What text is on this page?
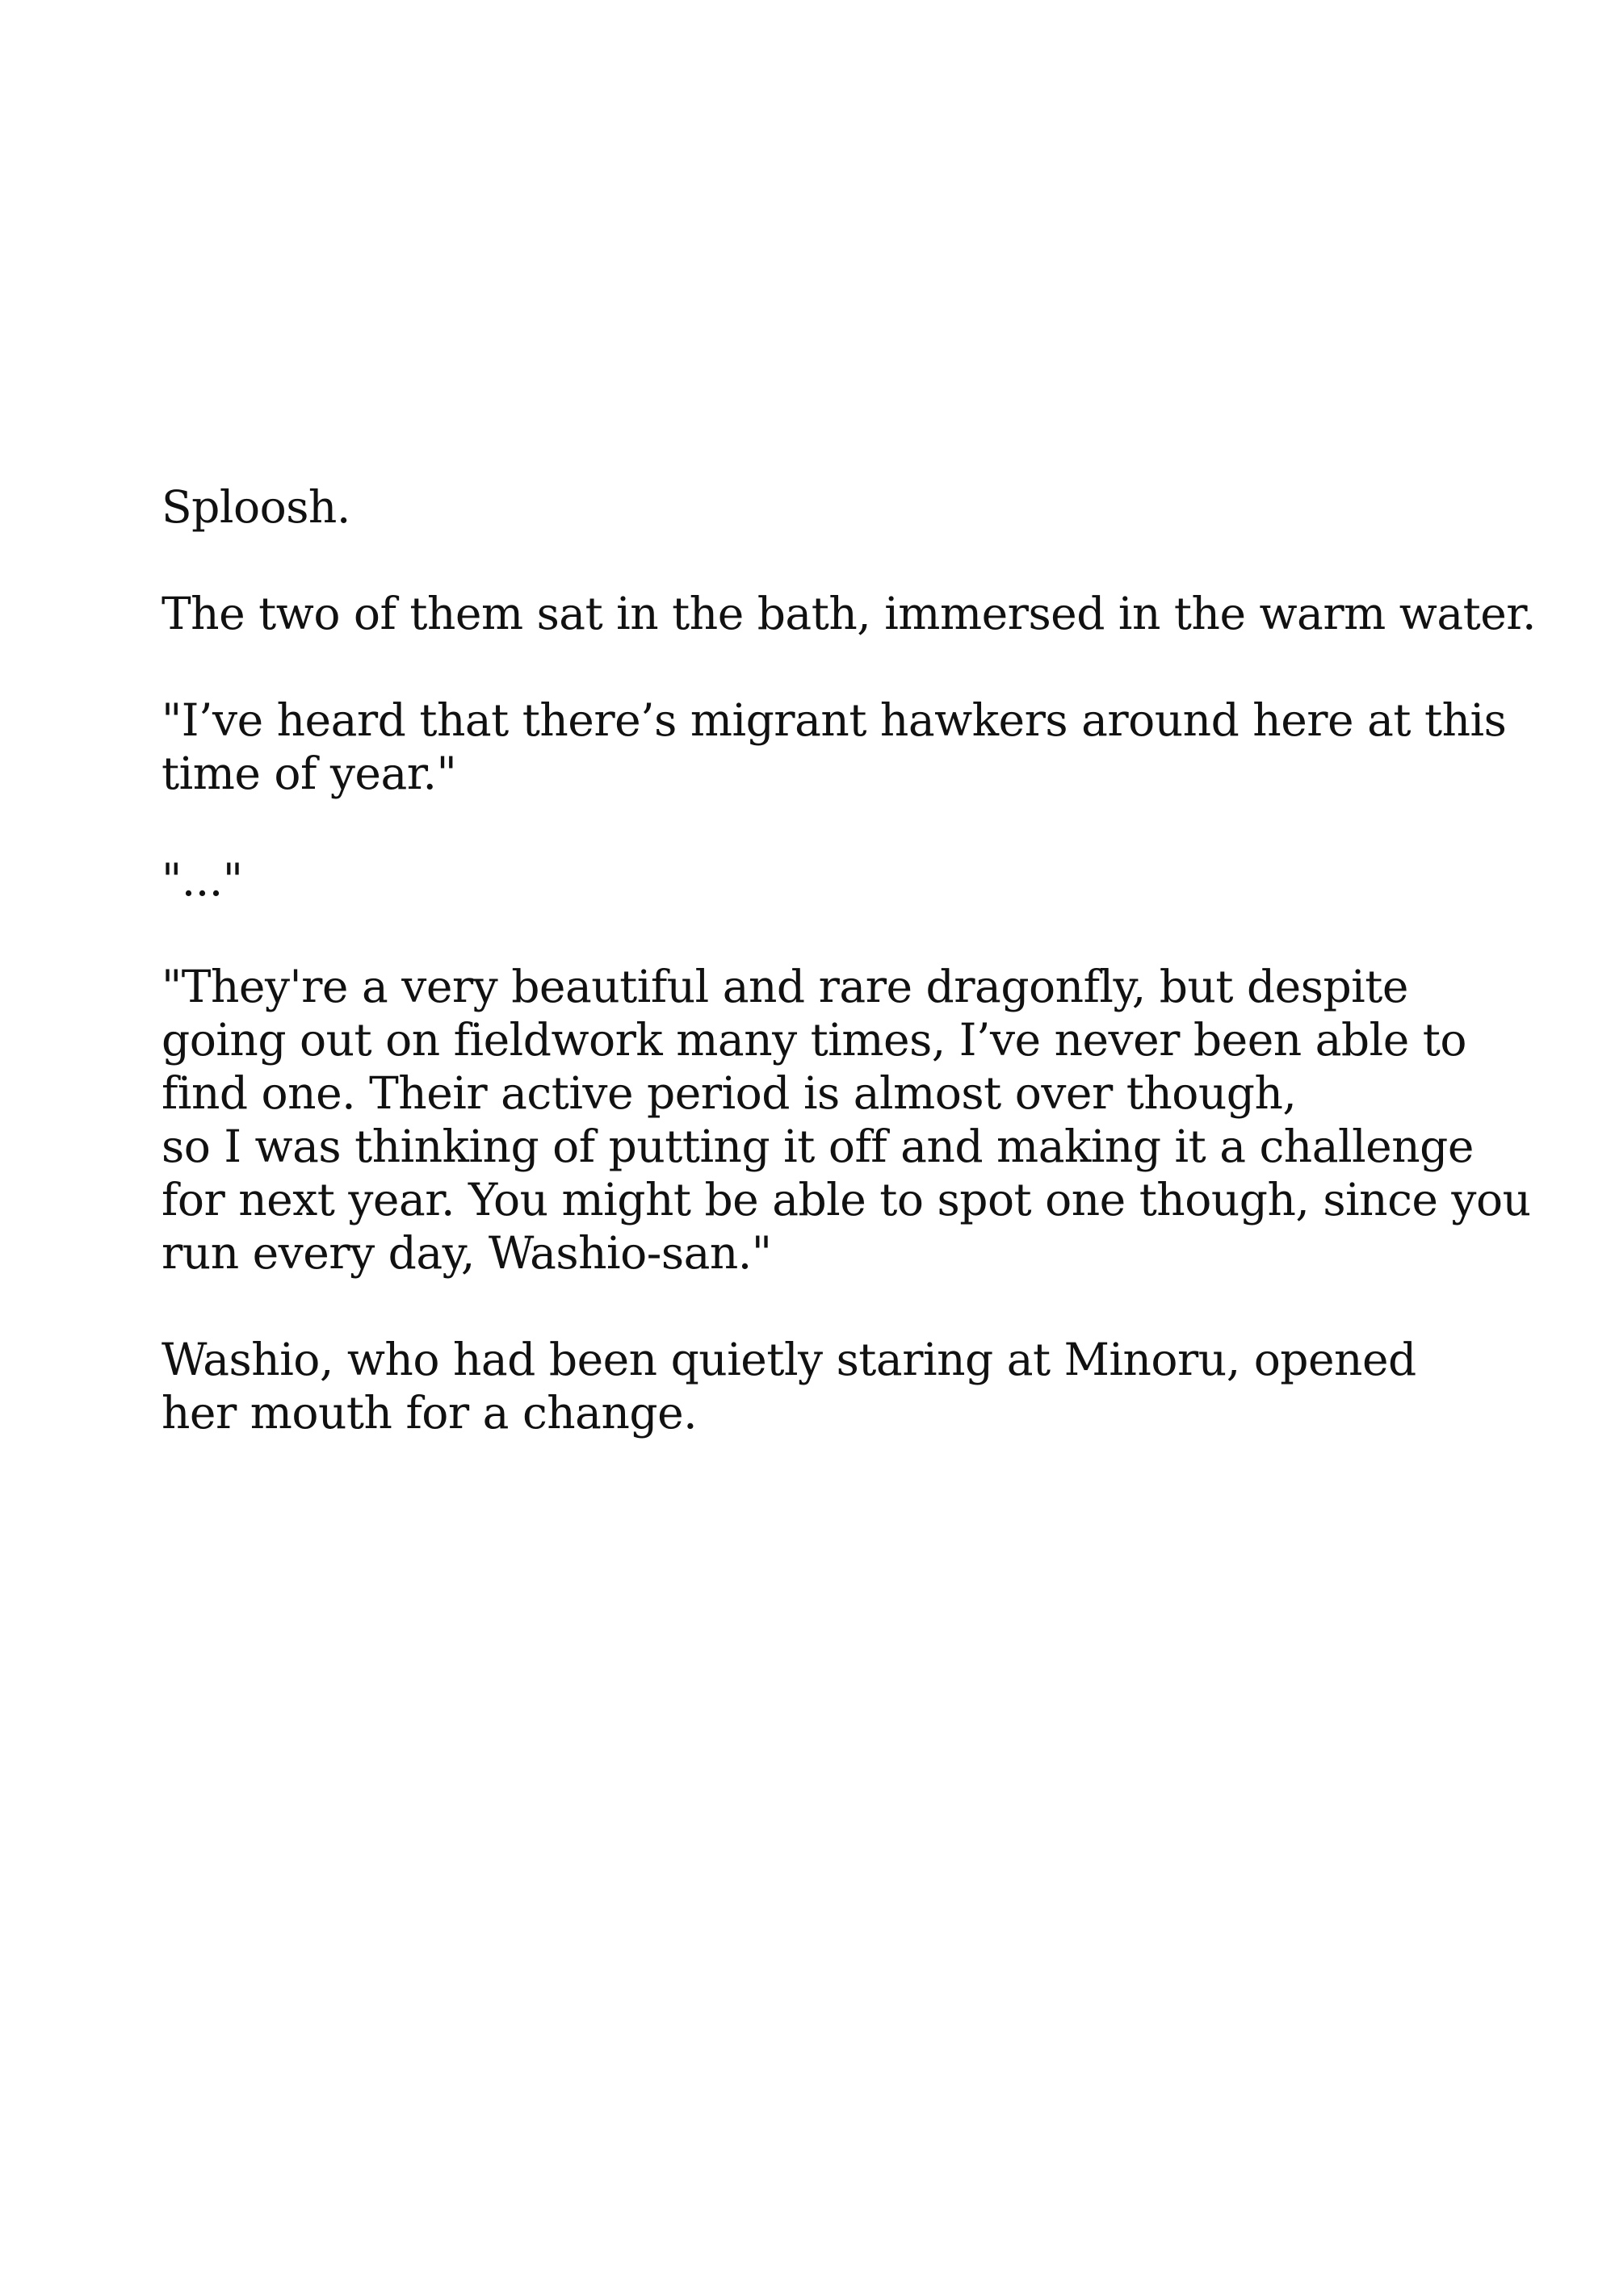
Sploosh.

The two of them sat in the bath, immersed in the warm water.

"I’ve heard that there’s migrant hawkers around here at this
time of year."

"..."

"They're a very beautiful and rare dragonfly, but despite
going out on fieldwork many times, I’ve never been able to
find one. Their active period is almost over though,
so I was thinking of putting it off and making it a challenge
for next year. You might be able to spot one though, since you
run every day, Washio-san."

Washio, who had been quietly staring at Minoru, opened
her mouth for a change.
